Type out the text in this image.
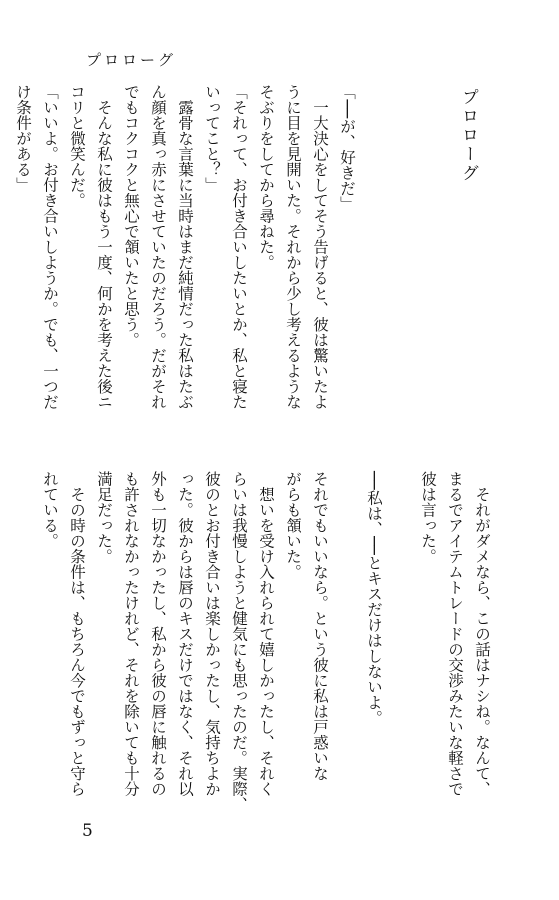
プロローグ
プロローグ

「──が、好きだ」
　一大決心をしてそう告げると、彼は驚いたよ
うに目を見開いた。それから少し考えるような
そぶりをしてから尋ねた。
「それって、お付き合いしたいとか、私と寝た
いってこと？」
　露骨な言葉に当時はまだ純情だった私はたぶ
ん顔を真っ赤にさせていたのだろう。だがそれ
でもコクコクと無心で頷いたと思う。
　そんな私に彼はもう一度、何かを考えた後ニ
コリと微笑んだ。
「いいよ。お付き合いしようか。でも、一つだ
け条件がある」
　それがダメなら、この話はナシね。なんて、
まるでアイテムトレードの交渉みたいな軽さで
彼は言った。

──私は、──とキスだけはしないよ。

それでもいいなら。という彼に私は戸惑いな
がらも頷いた。
　想いを受け入れられて嬉しかったし、それく
らいは我慢しようと健気にも思ったのだ。実際、
彼のとお付き合いは楽しかったし、気持ちよか
った。彼からは唇のキスだけではなく、それ以
外も一切なかったし、私から彼の唇に触れるの
も許されなかったけれど、それを除いても十分
満足だった。
　その時の条件は、もちろん今でもずっと守ら
れている。
5
